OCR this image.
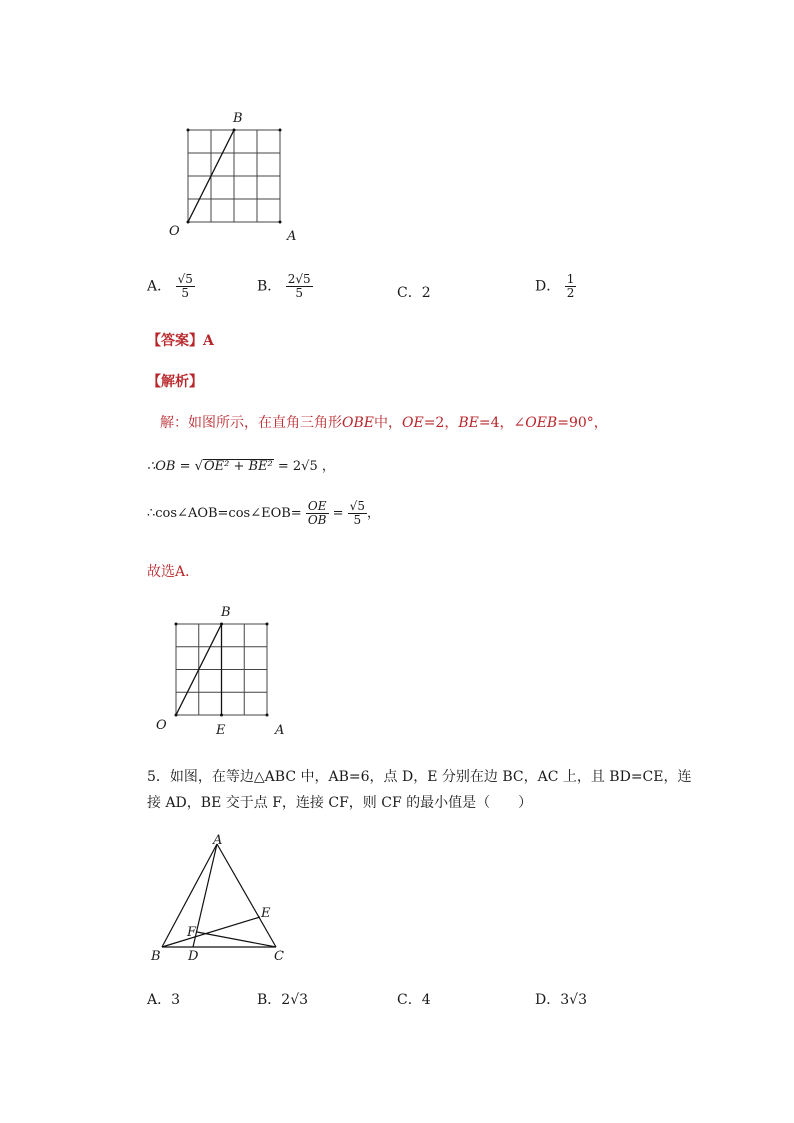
B
O	A
A． $\frac{√5}{5}$	B． $\frac{2√5}{5}$	C．2	D． $\frac{1}{2}$
【答案】A
【解析】
解：如图所示，在直角三角形OBE中，OE=2，BE=4，∠OEB=90°，
∴OB = √OE² + BE² = 2√5 ，
∴cos∠AOB=cos∠EOB= $\frac{OE}{OB} = \frac{√5}{5}$ ，
故选A．
B
O	E	A
5．如图，在等边△ABC 中，AB=6，点 D，E 分别在边 BC，AC 上，且 BD=CE，连
接 AD，BE 交于点 F，连接 CF，则 CF 的最小值是（　　）
A
E
F
B D	C
A．3	B．2√3	C．4	D．3√3
